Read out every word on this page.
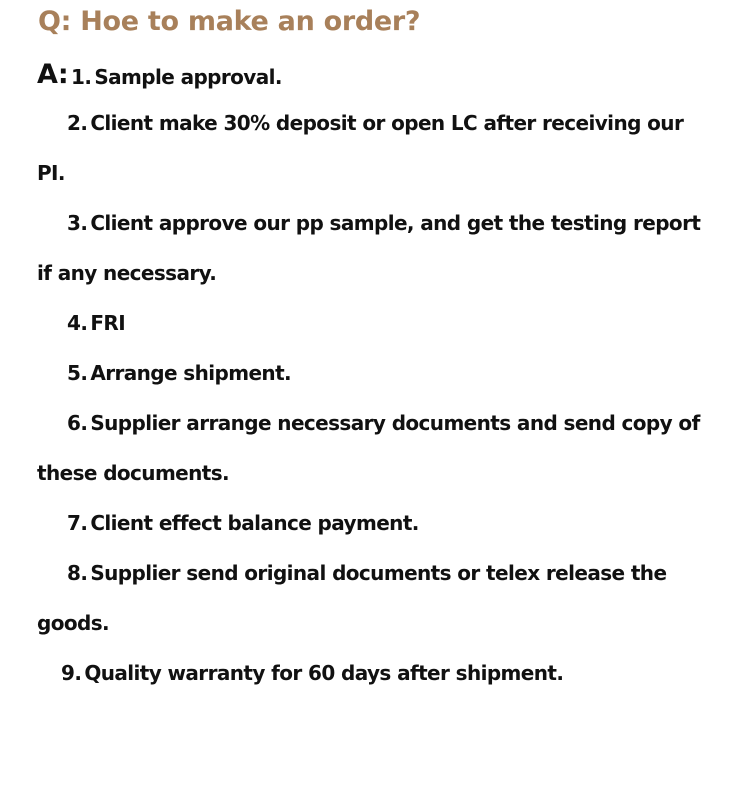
Q: Hoe to make an order?
A: 1. Sample approval.
2. Client make 30% deposit or open LC after receiving our
PI.
3. Client approve our pp sample, and get the testing report
if any necessary.
4. FRI
5. Arrange shipment.
6. Supplier arrange necessary documents and send copy of
these documents.
7. Client effect balance payment.
8. Supplier send original documents or telex release the
goods.
9. Quality warranty for 60 days after shipment.
